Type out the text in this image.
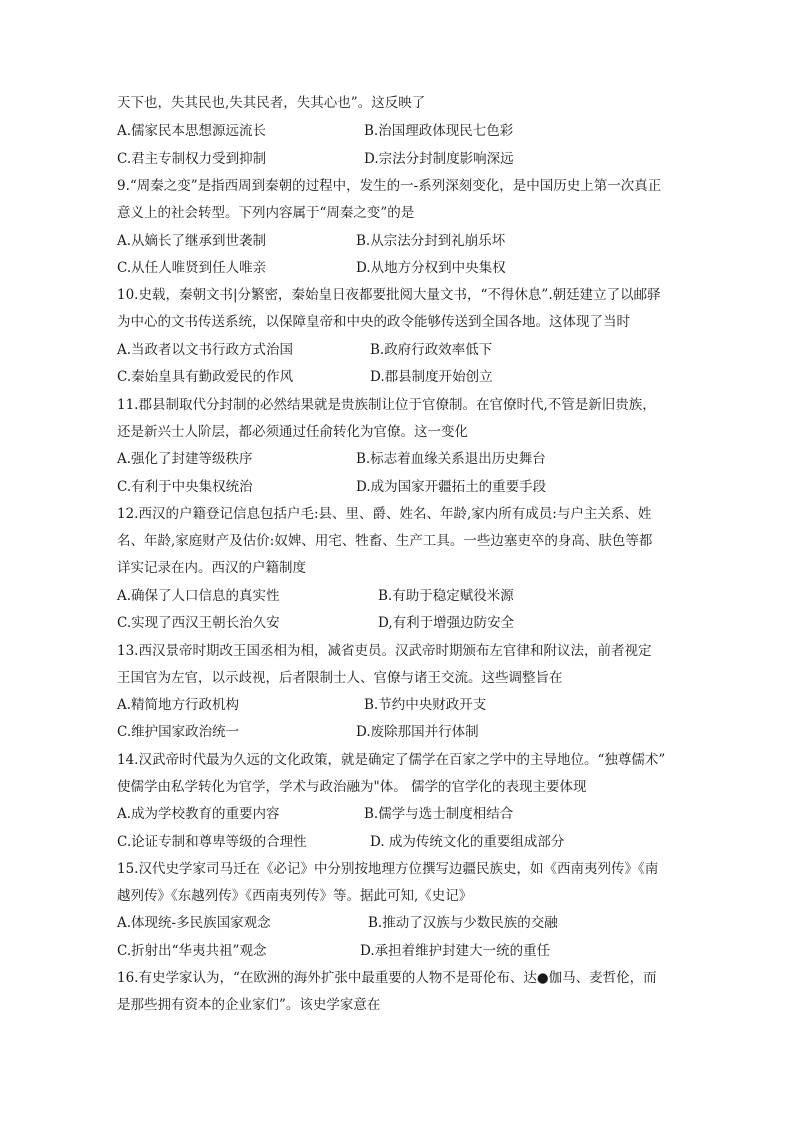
天下也，失其民也,失其民者，失其心也”。这反映了
A.儒家民本思想源远流长	B.治国理政体现民七色彩
C.君主专制权力受到抑制	D.宗法分封制度影响深远
9.“周秦之变”是指西周到秦朝的过程中，发生的一-系列深刻变化，是中国历史上第一次真正
意义上的社会转型。下列内容属于“周秦之变”的是
A.从嫡长了继承到世袭制	B.从宗法分封到礼崩乐坏
C.从任人唯贤到任人唯亲	D.从地方分权到中央集权
10.史载，秦朝文书|分繁密，秦始皇日夜都要批阅大量文书，“不得休息”.朝廷建立了以邮驿
为中心的文书传送系统，以保障皇帝和中央的政令能够传送到全国各地。这体现了当时
A.当政者以文书行政方式治国	B.政府行政效率低下
C.秦始皇具有勤政爱民的作风	D.郡县制度开始创立
11.郡县制取代分封制的必然结果就是贵族制让位于官僚制。在官僚时代,不管是新旧贵族，
还是新兴士人阶层，都必须通过任俞转化为官僚。这一变化
A.强化了封建等级秩序	B.标志着血缘关系退出历史舞台
C.有利于中央集权统治	D.成为国家开疆拓土的重要手段
12.西汉的户籍登记信息包括户毛:县、里、爵、姓名、年龄,家内所有成员:与户主关系、姓
名、年龄,家庭财产及估价:奴婢、用宅、牲畜、生产工具。一些边塞吏卒的身高、肤色等都
详实记录在内。西汉的户籍制度
A.确保了人口信息的真实性	B.有助于稳定赋役米源
C.实现了西汉王朝长治久安	D,有利于增强边防安全
13.西汉景帝时期改王国丞相为相，减省吏员。汉武帝时期颁布左官律和附议法，前者视定
王国官为左官，以示歧视，后者限制士人、官僚与诸王交流。这些调整旨在
A.精简地方行政机构	B.节约中央财政开支
C.维护国家政治统一	D.废除那国并行体制
14.汉武帝时代最为久远的文化政策，就是确定了儒学在百家之学中的主导地位。“独尊儒术”
使儒学由私学转化为官学，学术与政治融为"体。 儒学的官学化的表现主要体现
A.成为学校教育的重要内容	B.儒学与选士制度相结合
C.论证专制和尊卑等级的合理性	D. 成为传统文化的重要组成部分
15.汉代史学家司马迁在《必记》中分别按地理方位撰写边疆民族史，如《西南夷列传》《南
越列传》《东越列传》《西南夷列传》等。据此可知,《史记》
A.体现统-多民族国家观念	B.推动了汉族与少数民族的交融
C.折射出“华夷共祖”观念	D.承担着维护封建大一统的重任
16.有史学家认为，“在欧洲的海外扩张中最重要的人物不是哥伦布、达●伽马、麦哲伦，而
是那些拥有资本的企业家们”。该史学家意在
